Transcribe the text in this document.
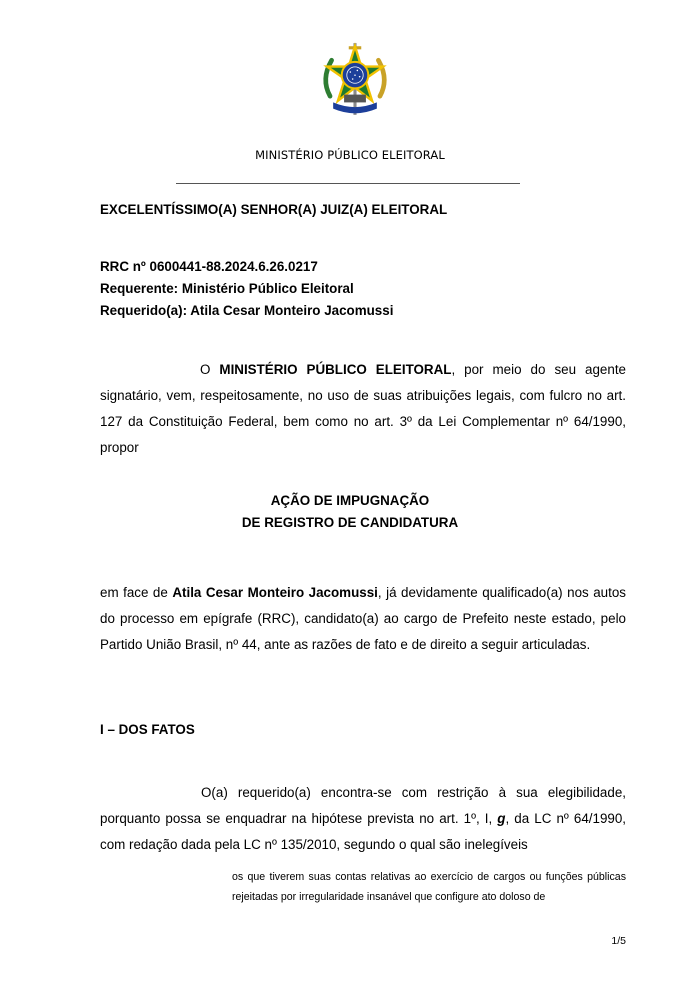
MINISTÉRIO PÚBLICO ELEITORAL
EXCELENTÍSSIMO(A) SENHOR(A) JUIZ(A) ELEITORAL
RRC nº 0600441-88.2024.6.26.0217
Requerente: Ministério Público Eleitoral
Requerido(a): Atila Cesar Monteiro Jacomussi
O MINISTÉRIO PÚBLICO ELEITORAL, por meio do seu agente signatário, vem, respeitosamente, no uso de suas atribuições legais, com fulcro no art. 127 da Constituição Federal, bem como no art. 3º da Lei Complementar nº 64/1990, propor
AÇÃO DE IMPUGNAÇÃO
DE REGISTRO DE CANDIDATURA
em face de Atila Cesar Monteiro Jacomussi, já devidamente qualificado(a) nos autos do processo em epígrafe (RRC), candidato(a) ao cargo de Prefeito neste estado, pelo Partido União Brasil, nº 44, ante as razões de fato e de direito a seguir articuladas.
I – DOS FATOS
O(a) requerido(a) encontra-se com restrição à sua elegibilidade, porquanto possa se enquadrar na hipótese prevista no art. 1º, I, g, da LC nº 64/1990, com redação dada pela LC nº 135/2010, segundo o qual são inelegíveis
os que tiverem suas contas relativas ao exercício de cargos ou funções públicas rejeitadas por irregularidade insanável que configure ato doloso de
1/5
